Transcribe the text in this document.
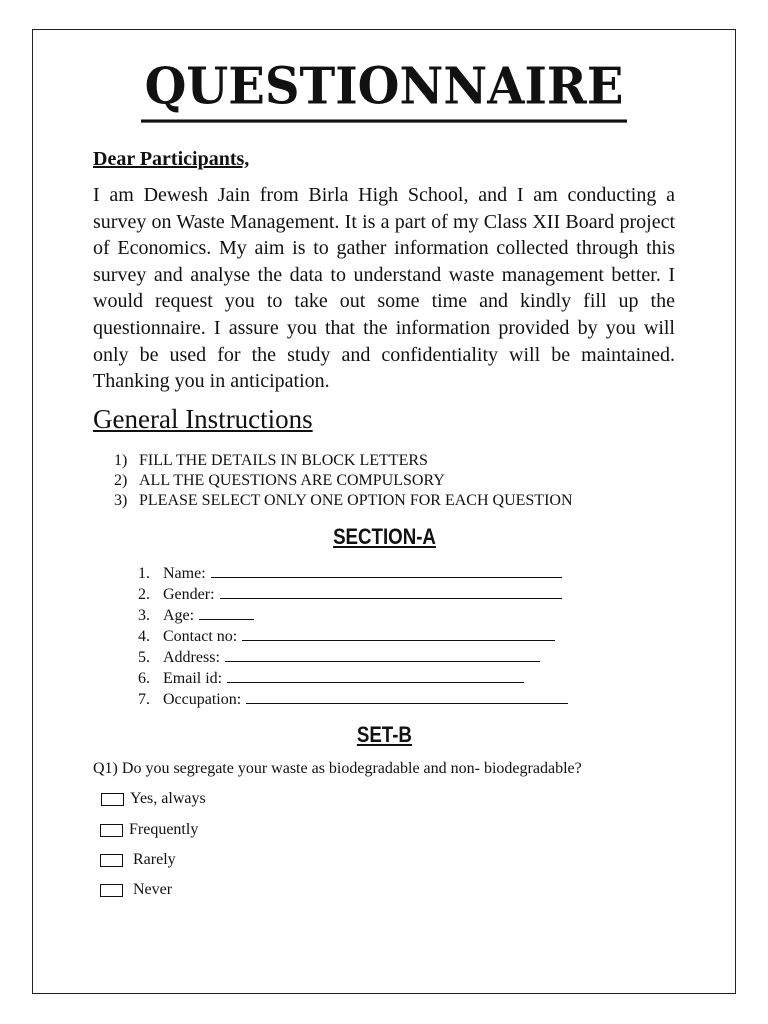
QUESTIONNAIRE
Dear Participants,

I am Dewesh Jain from Birla High School, and I am conducting a survey on Waste Management. It is a part of my Class XII Board project of Economics. My aim is to gather information collected through this survey and analyse the data to understand waste management better. I would request you to take out some time and kindly fill up the questionnaire. I assure you that the information provided by you will only be used for the study and confidentiality will be maintained. Thanking you in anticipation.

General Instructions
1) FILL THE DETAILS IN BLOCK LETTERS
2) ALL THE QUESTIONS ARE COMPULSORY
3) PLEASE SELECT ONLY ONE OPTION FOR EACH QUESTION
SECTION-A
1. Name:
2. Gender:
3. Age:
4. Contact no:
5. Address:
6. Email id:
7. Occupation:
SET-B
Q1) Do you segregate your waste as biodegradable and non- biodegradable?
Yes, always
Frequently
Rarely
Never
